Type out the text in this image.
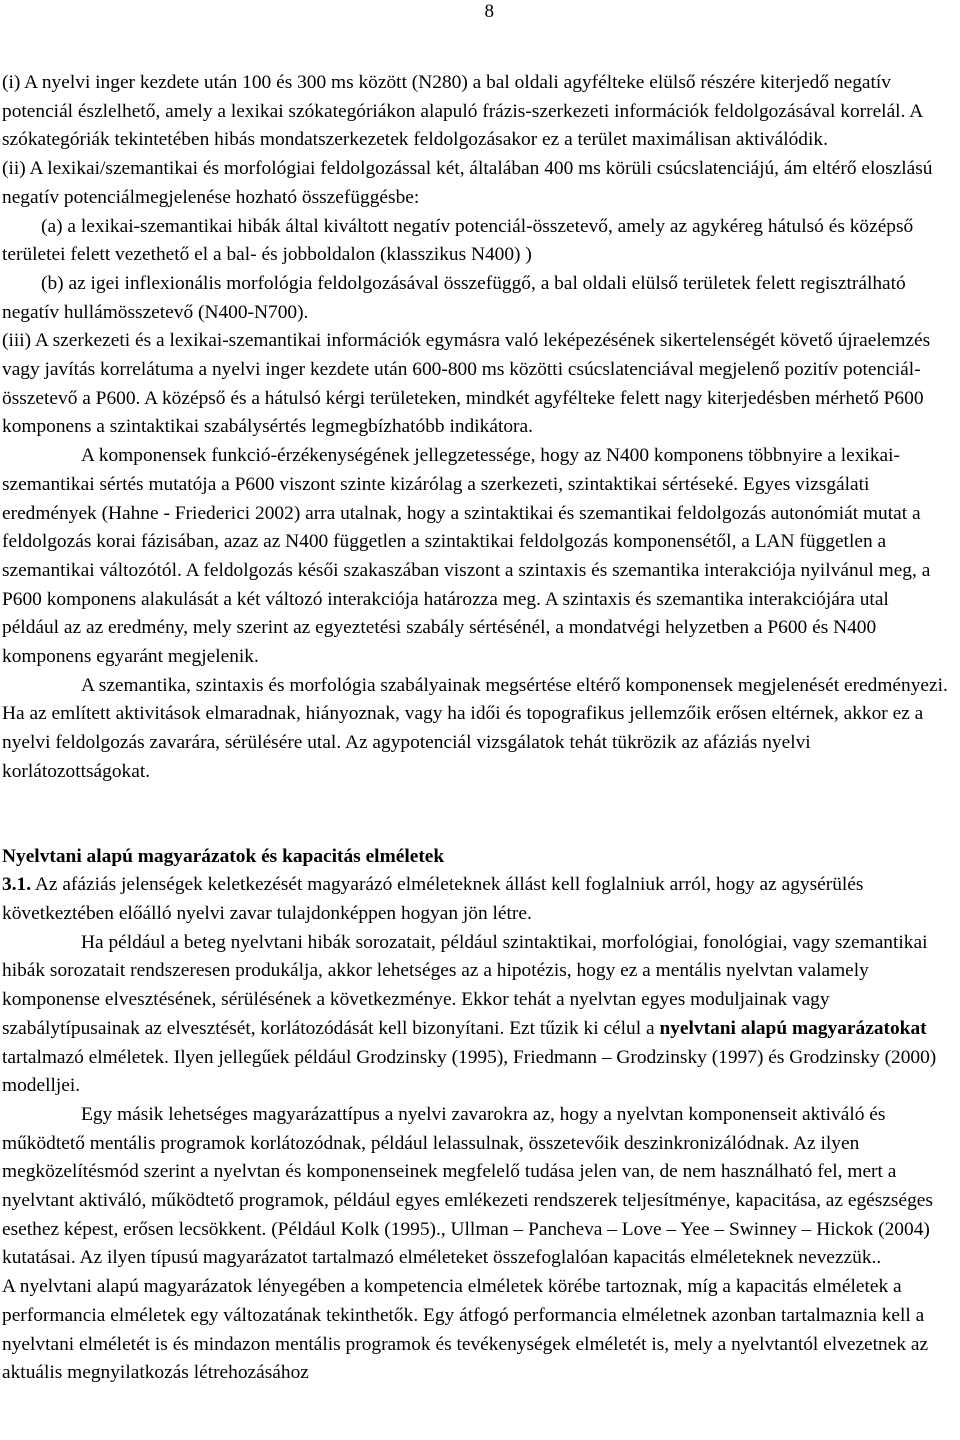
8

(i) A nyelvi inger kezdete után 100 és 300 ms között (N280) a bal oldali agyfélteke elülső részére kiterjedő negatív potenciál észlelhető, amely a lexikai szókategóriákon alapuló frázis-szerkezeti információk feldolgozásával korrelál. A szókategóriák tekintetében hibás mondatszerkezetek feldolgozásakor ez a terület maximálisan aktiválódik.

(ii) A lexikai/szemantikai és morfológiai feldolgozással két, általában 400 ms körüli csúcslatenciájú, ám eltérő eloszlású negatív potenciálmegjelenése hozható összefüggésbe:

(a) a lexikai-szemantikai hibák által kiváltott negatív potenciál-összetevő, amely az agykéreg hátulsó és középső területei felett vezethető el a bal- és jobboldalon (klasszikus N400) )

(b) az igei inflexionális morfológia feldolgozásával összefüggő, a bal oldali elülső területek felett regisztrálható negatív hullámösszetevő (N400-N700).

(iii) A szerkezeti és a lexikai-szemantikai információk egymásra való leképezésének sikertelenségét követő újraelemzés vagy javítás korrelátuma a nyelvi inger kezdete után 600-800 ms közötti csúcslatenciával megjelenő pozitív potenciál-összetevő a P600. A középső és a hátulsó kérgi területeken, mindkét agyfélteke felett nagy kiterjedésben mérhető P600 komponens a szintaktikai szabálysértés legmegbízhatóbb indikátora.

A komponensek funkció-érzékenységének jellegzetessége, hogy az N400 komponens többnyire a lexikai-szemantikai sértés mutatója a P600 viszont szinte kizárólag a szerkezeti, szintaktikai sértéseké. Egyes vizsgálati eredmények (Hahne - Friederici 2002) arra utalnak, hogy a szintaktikai és szemantikai feldolgozás autonómiát mutat a feldolgozás korai fázisában, azaz az N400 független a szintaktikai feldolgozás komponensétől, a LAN független a szemantikai változótól. A feldolgozás késői szakaszában viszont a szintaxis és szemantika interakciója nyilvánul meg, a P600 komponens alakulását a két változó interakciója határozza meg. A szintaxis és szemantika interakciójára utal például az az eredmény, mely szerint az egyeztetési szabály sértésénél, a mondatvégi helyzetben a P600 és N400 komponens egyaránt megjelenik.

A szemantika, szintaxis és morfológia szabályainak megsértése eltérő komponensek megjelenését eredményezi. Ha az említett aktivitások elmaradnak, hiányoznak, vagy ha idői és topografikus jellemzőik erősen eltérnek, akkor ez a nyelvi feldolgozás zavarára, sérülésére utal. Az agypotenciál vizsgálatok tehát tükrözik az afáziás nyelvi korlátozottságokat.

Nyelvtani alapú magyarázatok és kapacitás elméletek

3.1. Az afáziás jelenségek keletkezését magyarázó elméleteknek állást kell foglalniuk arról, hogy az agysérülés következtében előálló nyelvi zavar tulajdonképpen hogyan jön létre.

Ha például a beteg nyelvtani hibák sorozatait, például szintaktikai, morfológiai, fonológiai, vagy szemantikai hibák sorozatait rendszeresen produkálja, akkor lehetséges az a hipotézis, hogy ez a mentális nyelvtan valamely komponense elvesztésének, sérülésének a következménye. Ekkor tehát a nyelvtan egyes moduljainak vagy szabálytípusainak az elvesztését, korlátozódását kell bizonyítani. Ezt tűzik ki célul a nyelvtani alapú magyarázatokat tartalmazó elméletek. Ilyen jellegűek például Grodzinsky (1995), Friedmann – Grodzinsky (1997) és Grodzinsky (2000) modelljei.

Egy másik lehetséges magyarázattípus a nyelvi zavarokra az, hogy a nyelvtan komponenseit aktiváló és működtető mentális programok korlátozódnak, például lelassulnak, összetevőik deszinkronizálódnak. Az ilyen megközelítésmód szerint a nyelvtan és komponenseinek megfelelő tudása jelen van, de nem használható fel, mert a nyelvtant aktiváló, működtető programok, például egyes emlékezeti rendszerek teljesítménye, kapacitása, az egészséges esethez képest, erősen lecsökkent. (Például Kolk (1995)., Ullman – Pancheva – Love – Yee – Swinney – Hickok (2004) kutatásai. Az ilyen típusú magyarázatot tartalmazó elméleteket összefoglalóan kapacitás elméleteknek nevezzük..

A nyelvtani alapú magyarázatok lényegében a kompetencia elméletek körébe tartoznak, míg a kapacitás elméletek a performancia elméletek egy változatának tekinthetők. Egy átfogó performancia elméletnek azonban tartalmaznia kell a nyelvtani elméletét is és mindazon mentális programok és tevékenységek elméletét is, mely a nyelvtantól elvezetnek az aktuális megnyilatkozás létrehozásához
